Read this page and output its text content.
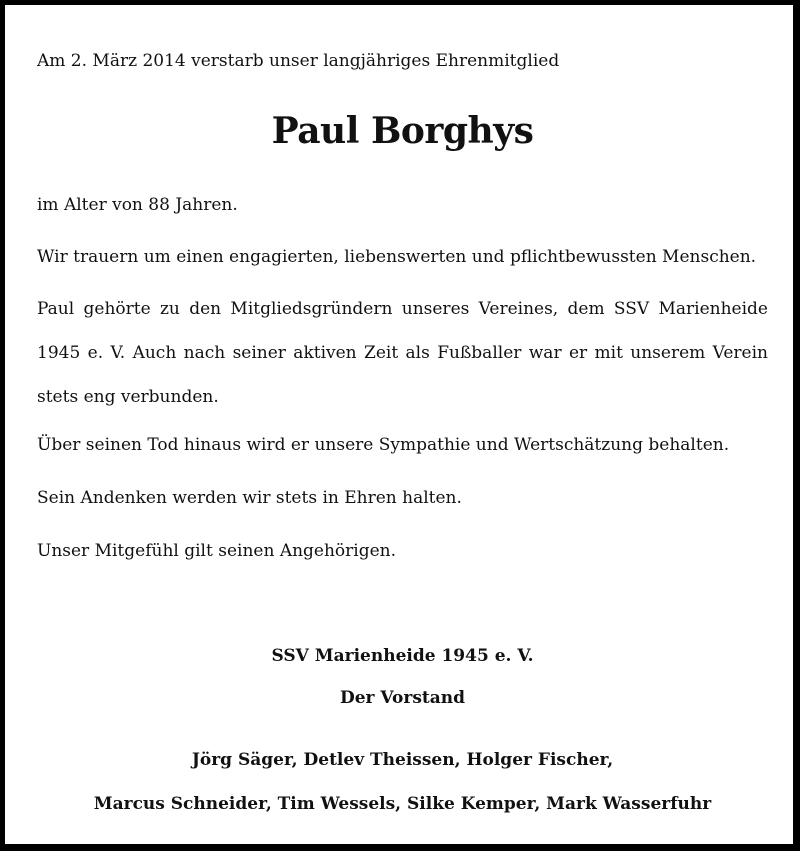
Am 2. März 2014 verstarb unser langjähriges Ehrenmitglied

Paul Borghys

im Alter von 88 Jahren.

Wir trauern um einen engagierten, liebenswerten und pflichtbewussten Menschen.

Paul gehörte zu den Mitgliedsgründern unseres Vereines, dem SSV Marienheide 1945 e. V. Auch nach seiner aktiven Zeit als Fußballer war er mit unserem Verein stets eng verbunden.

Über seinen Tod hinaus wird er unsere Sympathie und Wertschätzung behalten.

Sein Andenken werden wir stets in Ehren halten.

Unser Mitgefühl gilt seinen Angehörigen.

SSV Marienheide 1945 e. V.

Der Vorstand

Jörg Säger, Detlev Theissen, Holger Fischer,

Marcus Schneider, Tim Wessels, Silke Kemper, Mark Wasserfuhr
